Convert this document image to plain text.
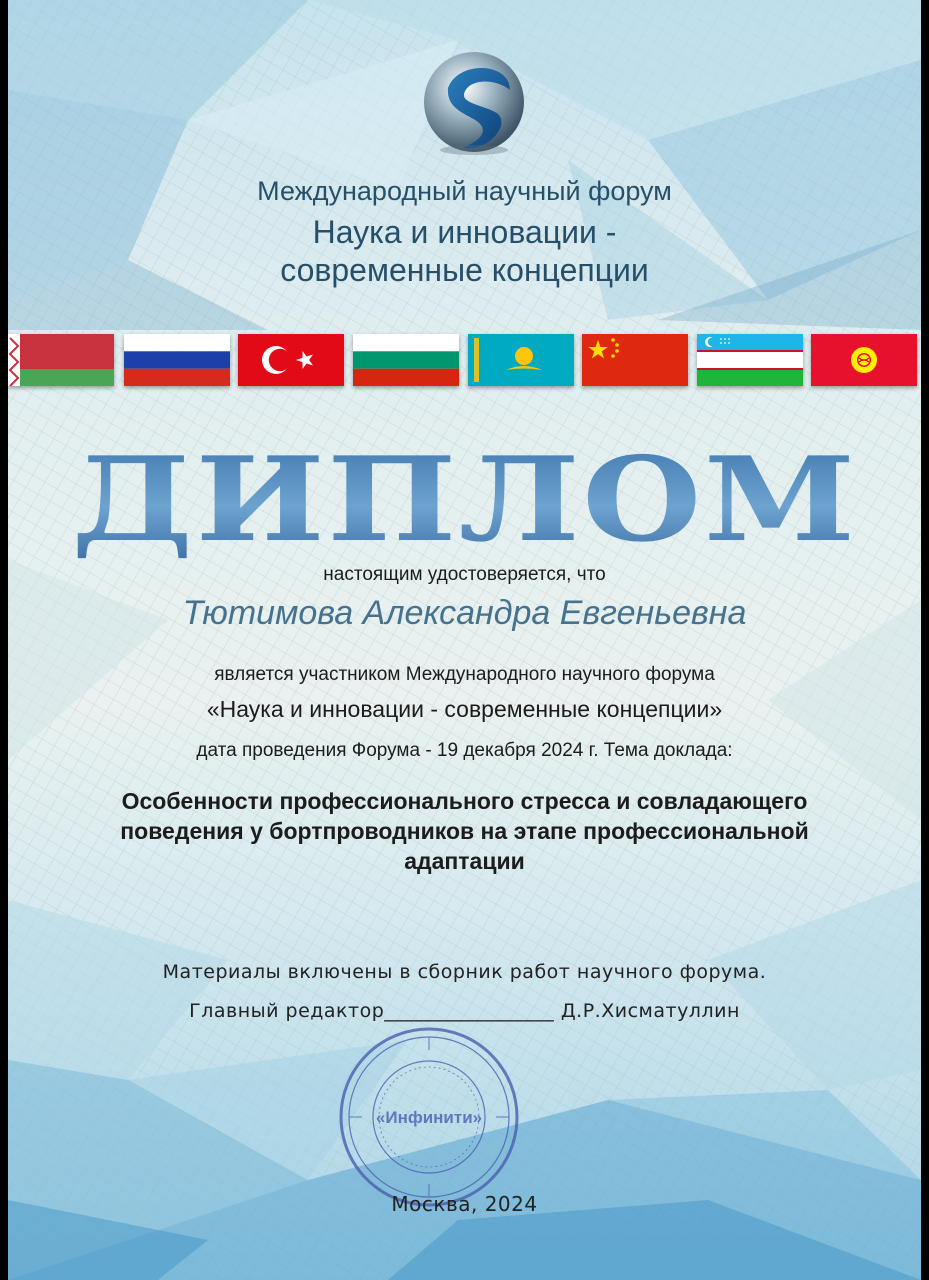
Международный научный форум
Наука и инновации -
современные концепции
ДИПЛОМ
настоящим удостоверяется, что
Тютимова Александра Евгеньевна
является участником Международного научного форума
«Наука и инновации - современные концепции»
дата проведения Форума - 19 декабря 2024 г. Тема доклада:
Особенности профессионального стресса и совладающего поведения у бортпроводников на этапе профессиональной адаптации
Материалы включены в сборник работ научного форума.
Главный редактор_________________ Д.Р.Хисматуллин
«Инфинити»
Москва, 2024
